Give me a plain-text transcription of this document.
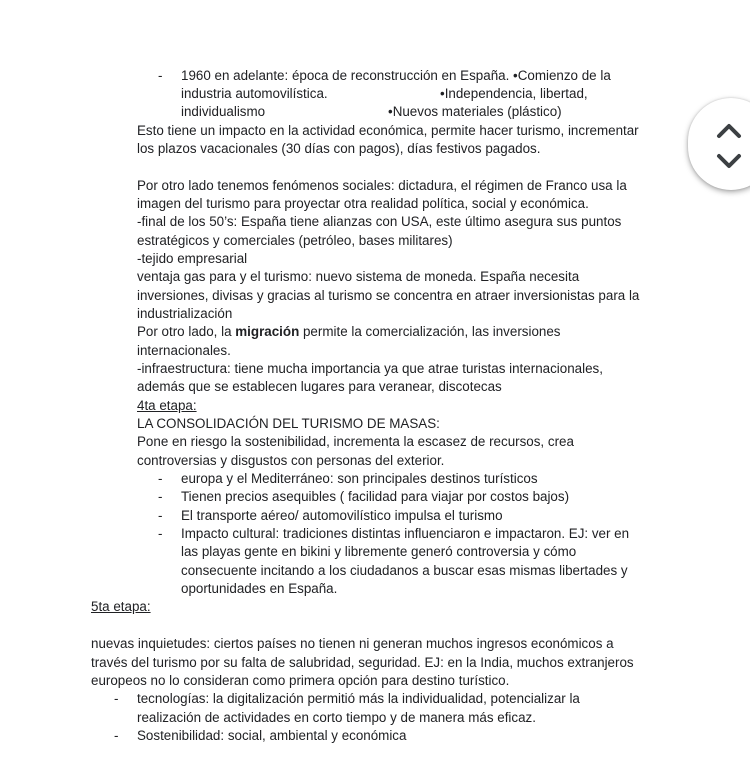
- 1960 en adelante: época de reconstrucción en España. •Comienzo de la
industria automovilística.	•Independencia, libertad,
individualismo	•Nuevos materiales (plástico)
Esto tiene un impacto en la actividad económica, permite hacer turismo, incrementar
los plazos vacacionales (30 días con pagos), días festivos pagados.
Por otro lado tenemos fenómenos sociales: dictadura, el régimen de Franco usa la
imagen del turismo para proyectar otra realidad política, social y económica.
-final de los 50’s: España tiene alianzas con USA, este último asegura sus puntos
estratégicos y comerciales (petróleo, bases militares)
-tejido empresarial
ventaja gas para y el turismo: nuevo sistema de moneda. España necesita
inversiones, divisas y gracias al turismo se concentra en atraer inversionistas para la
industrialización
Por otro lado, la migración permite la comercialización, las inversiones
internacionales.
-infraestructura: tiene mucha importancia ya que atrae turistas internacionales,
además que se establecen lugares para veranear, discotecas
4ta etapa:
LA CONSOLIDACIÓN DEL TURISMO DE MASAS:
Pone en riesgo la sostenibilidad, incrementa la escasez de recursos, crea
controversias y disgustos con personas del exterior.
- europa y el Mediterráneo: son principales destinos turísticos
- Tienen precios asequibles ( facilidad para viajar por costos bajos)
- El transporte aéreo/ automovilístico impulsa el turismo
- Impacto cultural: tradiciones distintas influenciaron e impactaron. EJ: ver en
las playas gente en bikini y libremente generó controversia y cómo
consecuente incitando a los ciudadanos a buscar esas mismas libertades y
oportunidades en España.
5ta etapa:
nuevas inquietudes: ciertos países no tienen ni generan muchos ingresos económicos a
través del turismo por su falta de salubridad, seguridad. EJ: en la India, muchos extranjeros
europeos no lo consideran como primera opción para destino turístico.
- tecnologías: la digitalización permitió más la individualidad, potencializar la
realización de actividades en corto tiempo y de manera más eficaz.
- Sostenibilidad: social, ambiental y económica
